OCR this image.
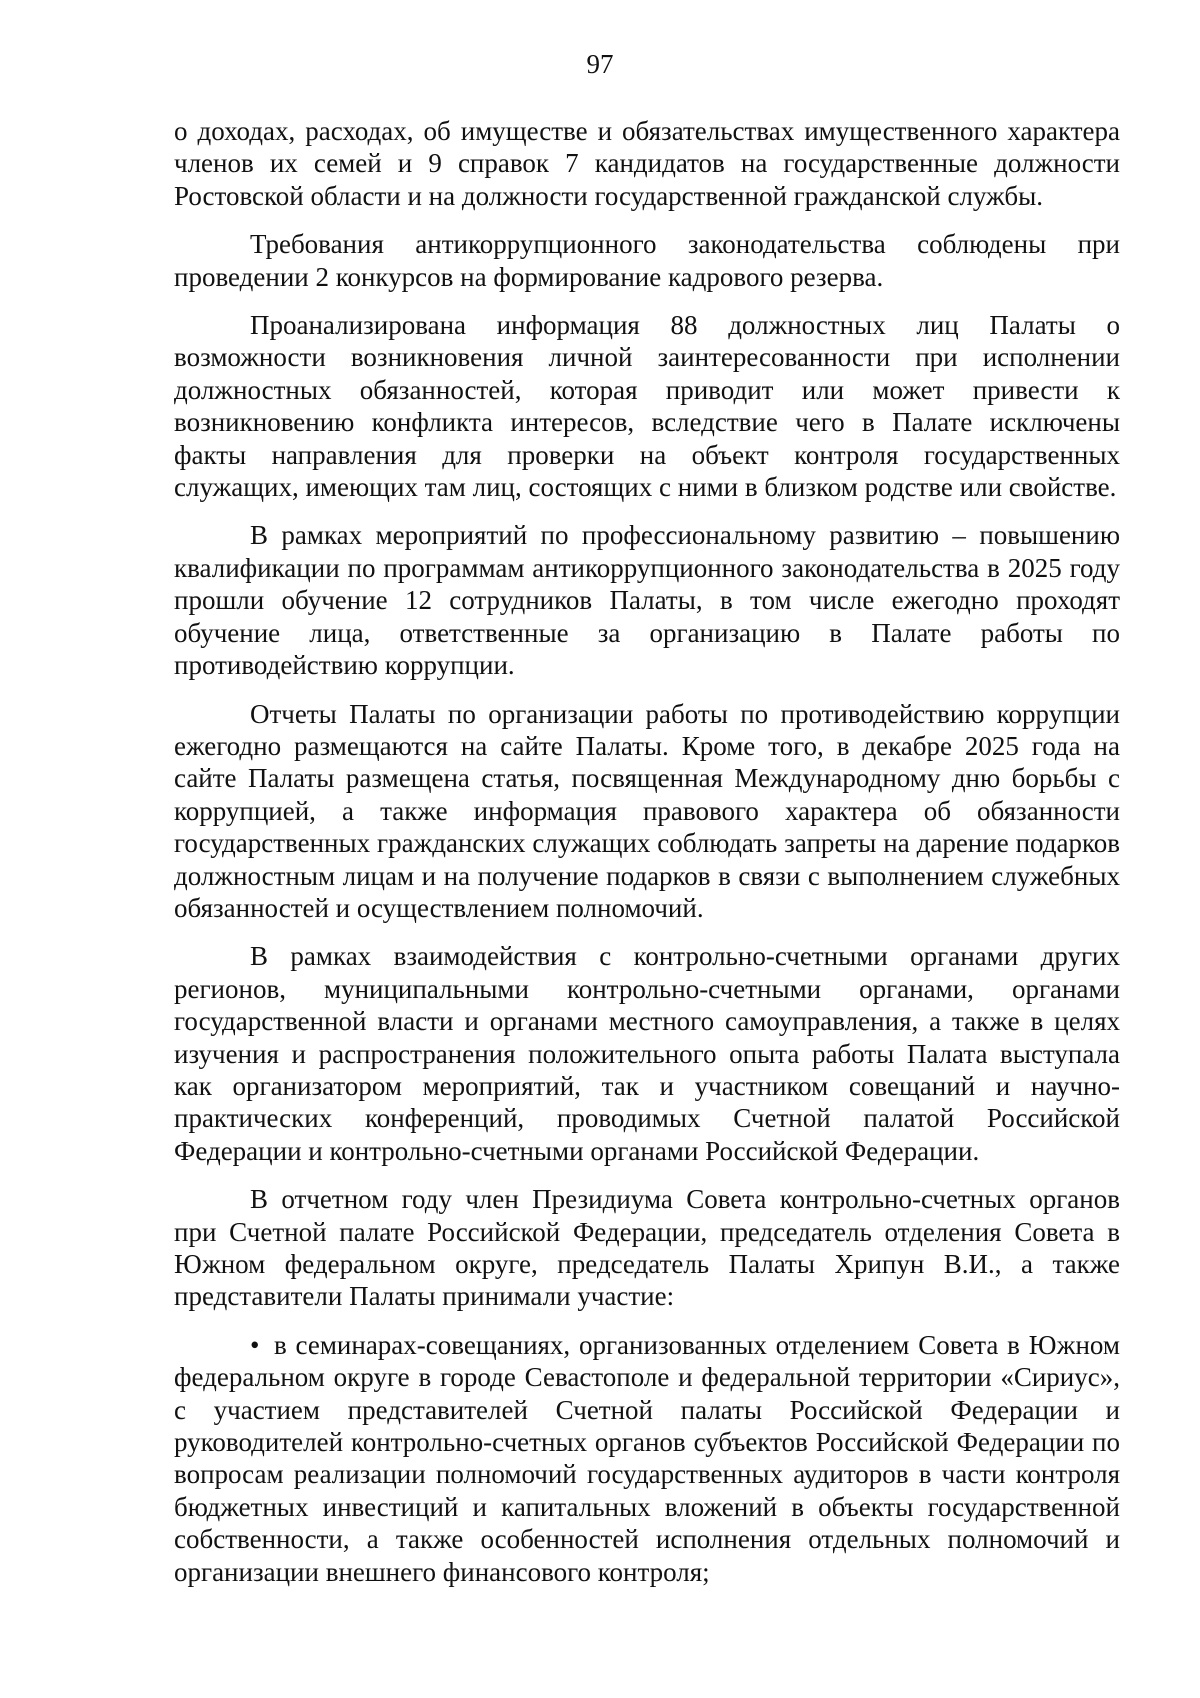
97

о доходах, расходах, об имуществе и обязательствах имущественного характера членов их семей и 9 справок 7 кандидатов на государственные должности Ростовской области и на должности государственной гражданской службы.

Требования антикоррупционного законодательства соблюдены при проведении 2 конкурсов на формирование кадрового резерва.

Проанализирована информация 88 должностных лиц Палаты о возможности возникновения личной заинтересованности при исполнении должностных обязанностей, которая приводит или может привести к возникновению конфликта интересов, вследствие чего в Палате исключены факты направления для проверки на объект контроля государственных служащих, имеющих там лиц, состоящих с ними в близком родстве или свойстве.

В рамках мероприятий по профессиональному развитию – повышению квалификации по программам антикоррупционного законодательства в 2025 году прошли обучение 12 сотрудников Палаты, в том числе ежегодно проходят обучение лица, ответственные за организацию в Палате работы по противодействию коррупции.

Отчеты Палаты по организации работы по противодействию коррупции ежегодно размещаются на сайте Палаты. Кроме того, в декабре 2025 года на сайте Палаты размещена статья, посвященная Международному дню борьбы с коррупцией, а также информация правового характера об обязанности государственных гражданских служащих соблюдать запреты на дарение подарков должностным лицам и на получение подарков в связи с выполнением служебных обязанностей и осуществлением полномочий.

В рамках взаимодействия с контрольно-счетными органами других регионов, муниципальными контрольно-счетными органами, органами государственной власти и органами местного самоуправления, а также в целях изучения и распространения положительного опыта работы Палата выступала как организатором мероприятий, так и участником совещаний и научно-практических конференций, проводимых Счетной палатой Российской Федерации и контрольно-счетными органами Российской Федерации.

В отчетном году член Президиума Совета контрольно-счетных органов при Счетной палате Российской Федерации, председатель отделения Совета в Южном федеральном округе, председатель Палаты Хрипун В.И., а также представители Палаты принимали участие:

• в семинарах-совещаниях, организованных отделением Совета в Южном федеральном округе в городе Севастополе и федеральной территории «Сириус», с участием представителей Счетной палаты Российской Федерации и руководителей контрольно-счетных органов субъектов Российской Федерации по вопросам реализации полномочий государственных аудиторов в части контроля бюджетных инвестиций и капитальных вложений в объекты государственной собственности, а также особенностей исполнения отдельных полномочий и организации внешнего финансового контроля;
